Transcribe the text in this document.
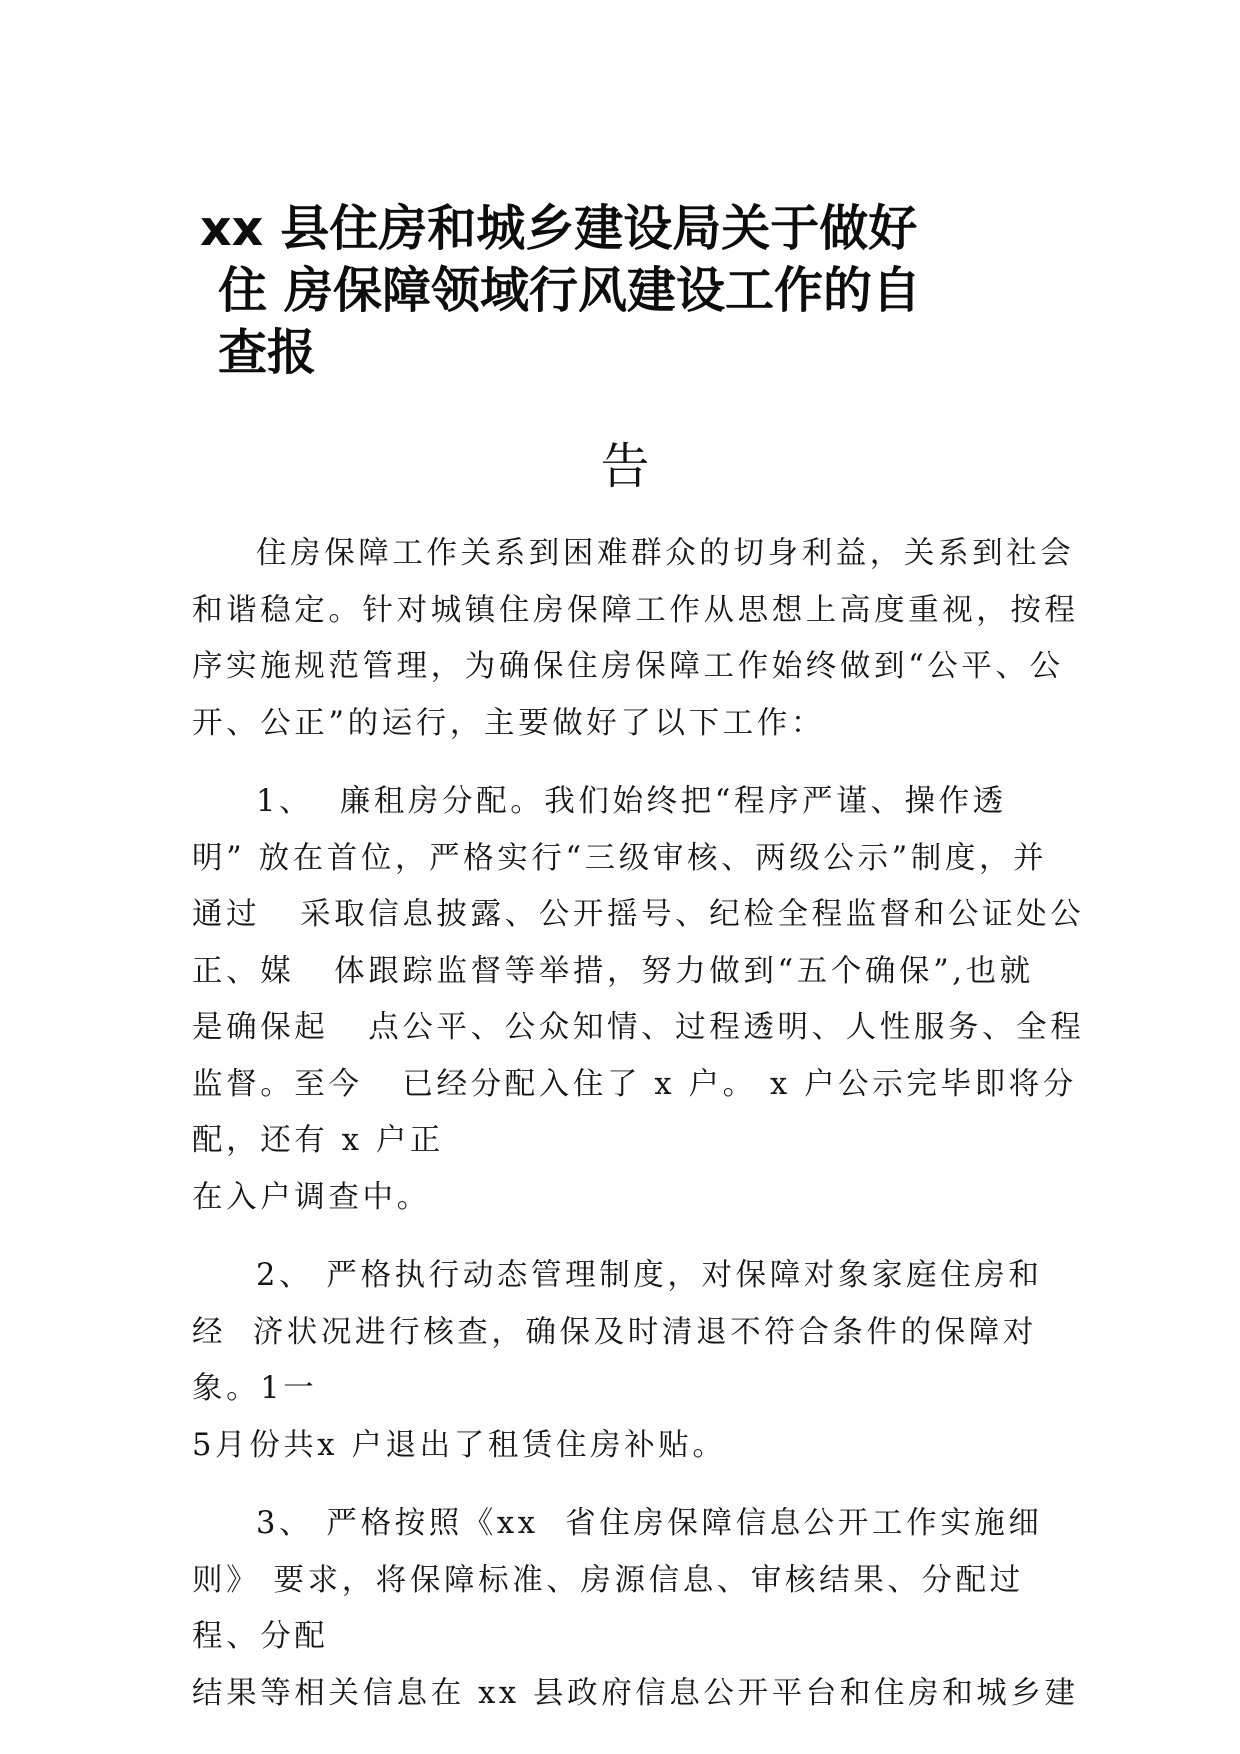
xx 县住房和城乡建设局关于做好
住 房保障领域行风建设工作的自
查报
告

住房保障工作关系到困难群众的切身利益，关系到社会
和谐稳定。针对城镇住房保障工作从思想上高度重视，按程
序实施规范管理，为确保住房保障工作始终做到“公平、公
开、公正”的运行，主要做好了以下工作：

1、  廉租房分配。我们始终把“程序严谨、操作透
明” 放在首位，严格实行“三级审核、两级公示”制度，并
通过   采取信息披露、公开摇号、纪检全程监督和公证处公
正、媒   体跟踪监督等举措，努力做到“五个确保”,也就
是确保起   点公平、公众知情、过程透明、人性服务、全程
监督。至今   已经分配入住了 x 户。 x 户公示完毕即将分
配，还有 x 户正
在入户调查中。

2、 严格执行动态管理制度，对保障对象家庭住房和
经  济状况进行核查，确保及时清退不符合条件的保障对
象。1一
5月份共x 户退出了租赁住房补贴。

3、 严格按照《xx  省住房保障信息公开工作实施细
则》 要求，将保障标准、房源信息、审核结果、分配过
程、分配
结果等相关信息在 xx 县政府信息公开平台和住房和城乡建
